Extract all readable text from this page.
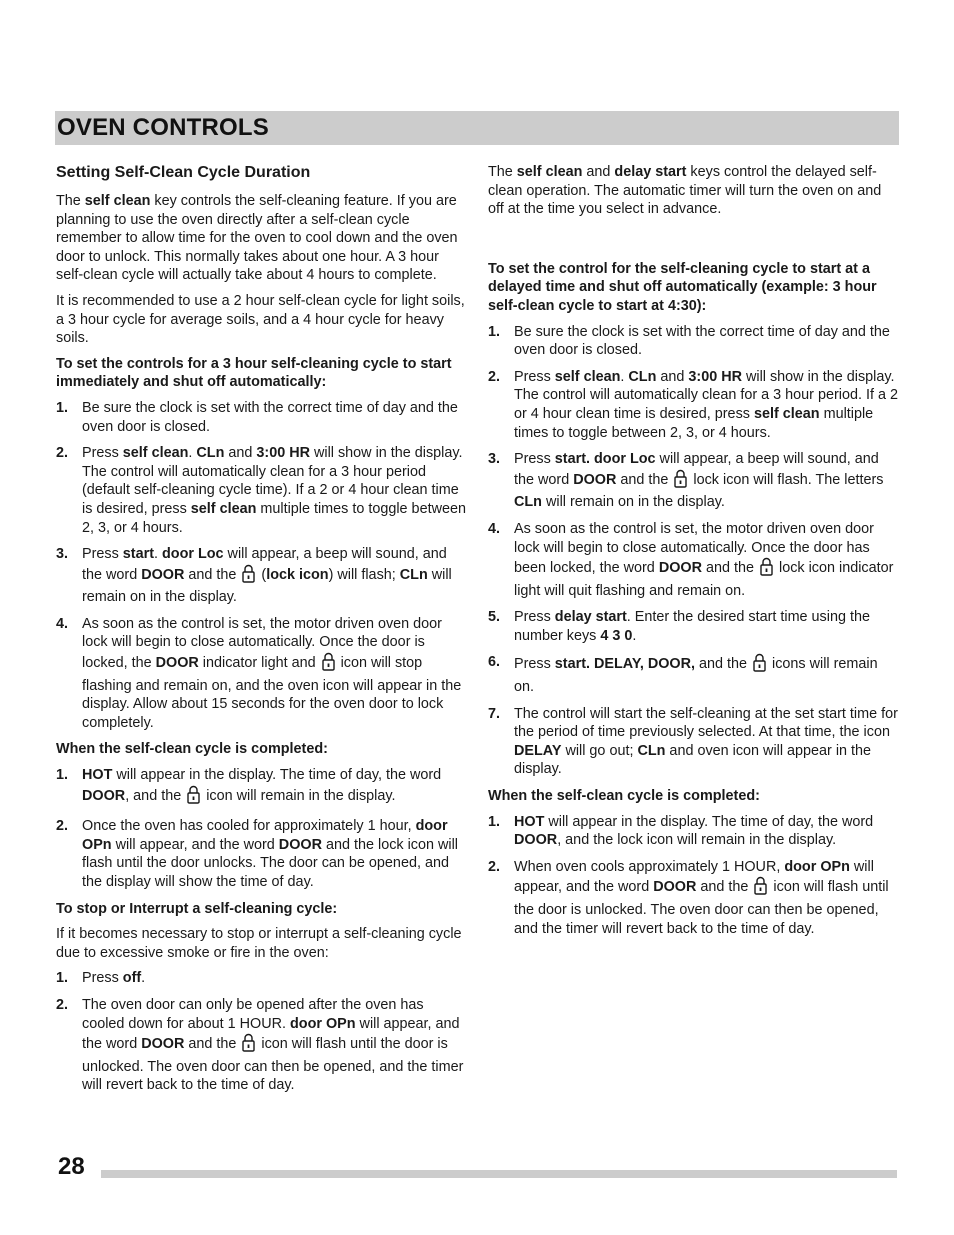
OVEN CONTROLS
Setting Self-Clean Cycle Duration

The self clean key controls the self-cleaning feature. If you are planning to use the oven directly after a self-clean cycle remember to allow time for the oven to cool down and the oven door to unlock. This normally takes about one hour. A 3 hour self-clean cycle will actually take about 4 hours to complete.

It is recommended to use a 2 hour self-clean cycle for light soils, a 3 hour cycle for average soils, and a 4 hour cycle for heavy soils.

To set the controls for a 3 hour self-cleaning cycle to start immediately and shut off automatically:

1. Be sure the clock is set with the correct time of day and the oven door is closed.
2. Press self clean. CLn and 3:00 HR will show in the display. The control will automatically clean for a 3 hour period (default self-cleaning cycle time). If a 2 or 4 hour clean time is desired, press self clean multiple times to toggle between 2, 3, or 4 hours.
3. Press start. door Loc will appear, a beep will sound, and the word DOOR and the  (lock icon) will flash; CLn will remain on in the display.
4. As soon as the control is set, the motor driven oven door lock will begin to close automatically. Once the door is locked, the DOOR indicator light and  icon will stop flashing and remain on, and the oven icon will appear in the display. Allow about 15 seconds for the oven door to lock completely.

When the self-clean cycle is completed:

1. HOT will appear in the display. The time of day, the word DOOR, and the  icon will remain in the display.
2. Once the oven has cooled for approximately 1 hour, door OPn will appear, and the word DOOR and the lock icon will flash until the door unlocks. The door can be opened, and the display will show the time of day.

To stop or Interrupt a self-cleaning cycle:

If it becomes necessary to stop or interrupt a self-cleaning cycle due to excessive smoke or fire in the oven:

1. Press off.
2. The oven door can only be opened after the oven has cooled down for about 1 HOUR. door OPn will appear, and the word DOOR and the  icon will flash until the door is unlocked. The oven door can then be opened, and the timer will revert back to the time of day.

The self clean and delay start keys control the delayed self-clean operation. The automatic timer will turn the oven on and off at the time you select in advance.

To set the control for the self-cleaning cycle to start at a delayed time and shut off automatically (example: 3 hour self-clean cycle to start at 4:30):

1. Be sure the clock is set with the correct time of day and the oven door is closed.
2. Press self clean. CLn and 3:00 HR will show in the display. The control will automatically clean for a 3 hour period. If a 2 or 4 hour clean time is desired, press self clean multiple times to toggle between 2, 3, or 4 hours.
3. Press start. door Loc will appear, a beep will sound, and the word DOOR and the  lock icon will flash. The letters CLn will remain on in the display.
4. As soon as the control is set, the motor driven oven door lock will begin to close automatically. Once the door has been locked, the word DOOR and the  lock icon indicator light will quit flashing and remain on.
5. Press delay start. Enter the desired start time using the number keys 4 3 0.
6. Press start. DELAY, DOOR, and the  icons will remain on.
7. The control will start the self-cleaning at the set start time for the period of time previously selected. At that time, the icon DELAY will go out; CLn and oven icon will appear in the display.

When the self-clean cycle is completed:

1. HOT will appear in the display. The time of day, the word DOOR, and the lock icon will remain in the display.
2. When oven cools approximately 1 HOUR, door OPn will appear, and the word DOOR and the  icon will flash until the door is unlocked. The oven door can then be opened, and the timer will revert back to the time of day.
28
